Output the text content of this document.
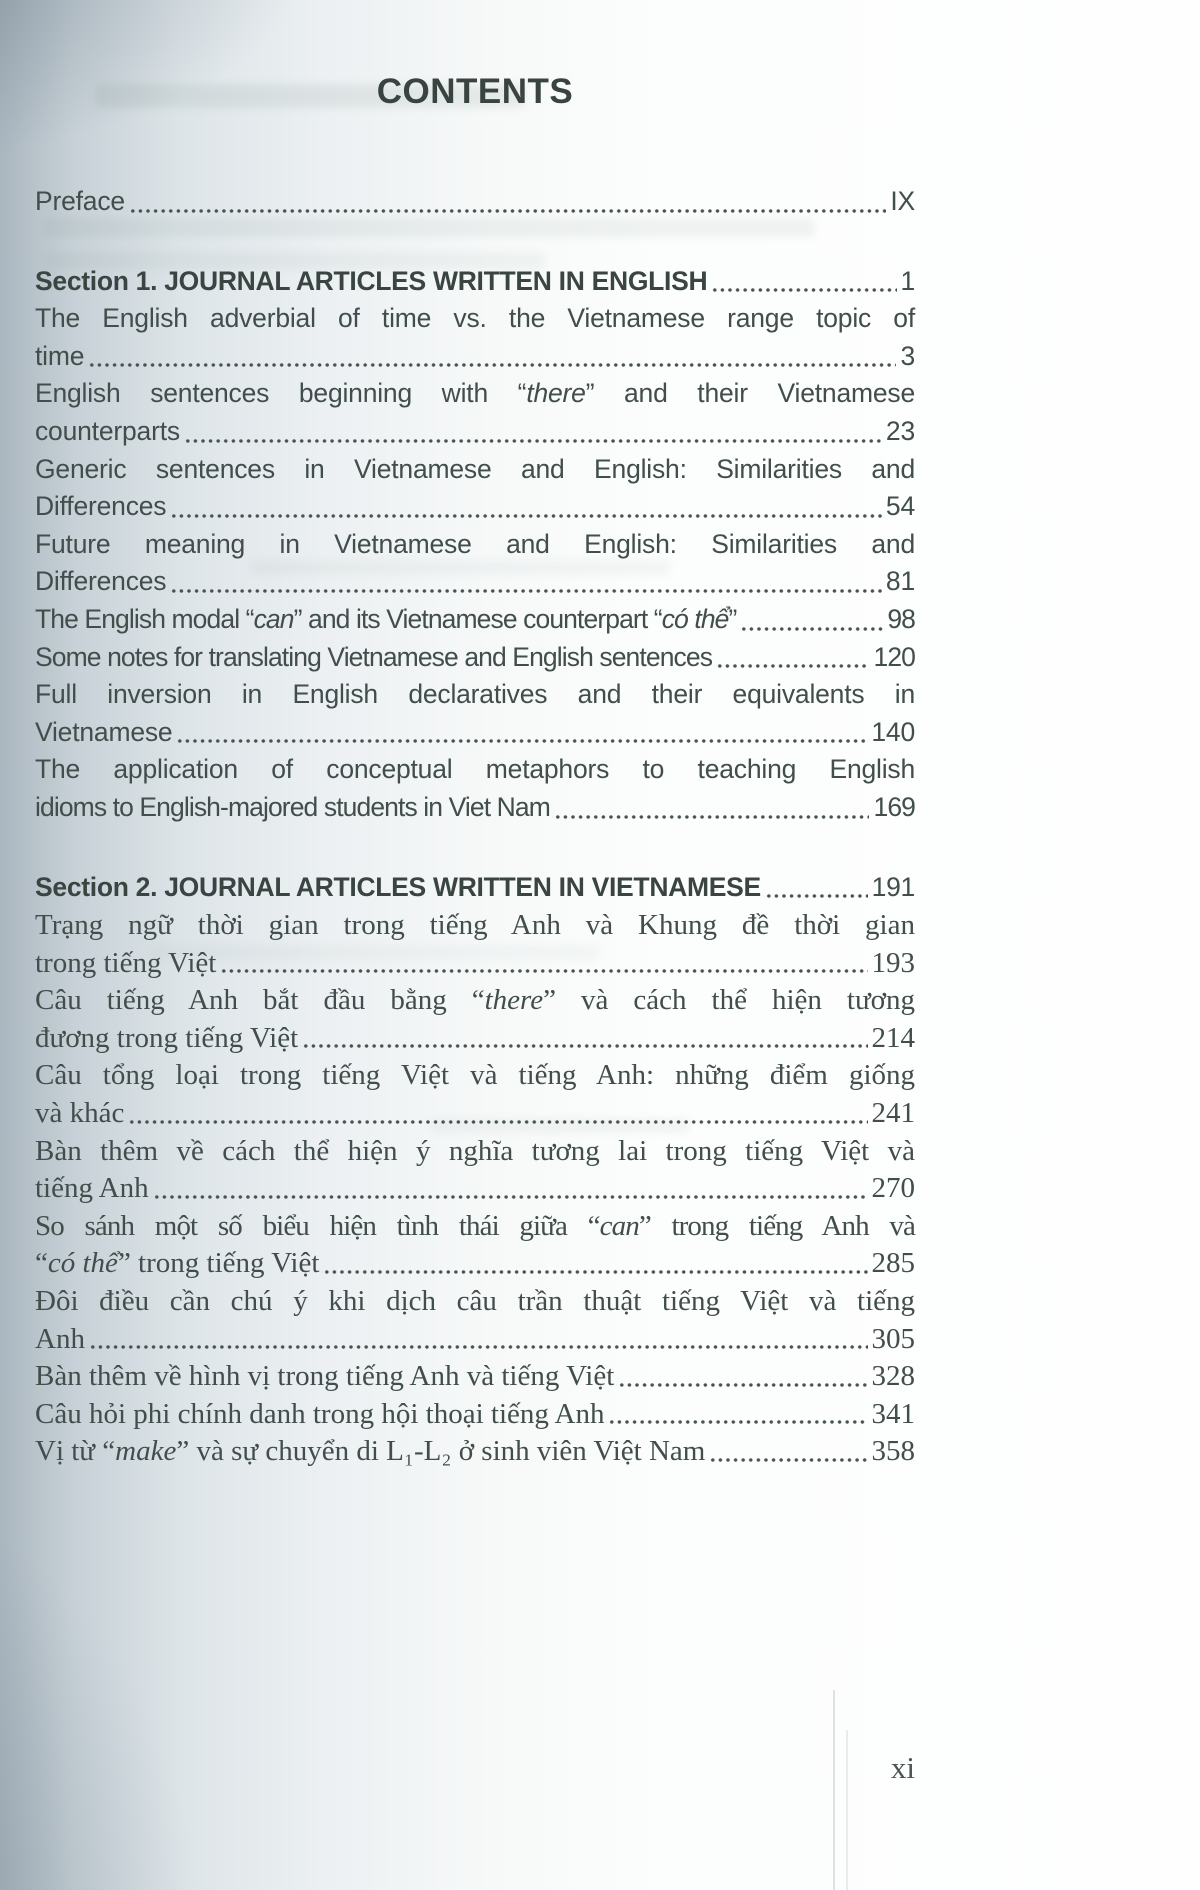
CONTENTS
Preface	IX
Section 1. JOURNAL ARTICLES WRITTEN IN ENGLISH	1
The English adverbial of time vs. the Vietnamese range topic of
time	3
English sentences beginning with “there” and their Vietnamese
counterparts	23
Generic sentences in Vietnamese and English: Similarities and
Differences	54
Future meaning in Vietnamese and English: Similarities and
Differences	81
The English modal “can” and its Vietnamese counterpart “có thể”	98
Some notes for translating Vietnamese and English sentences	120
Full inversion in English declaratives and their equivalents in
Vietnamese	140
The application of conceptual metaphors to teaching English
idioms to English-majored students in Viet Nam	169
Section 2. JOURNAL ARTICLES WRITTEN IN VIETNAMESE	191
Trạng ngữ thời gian trong tiếng Anh và Khung đề thời gian
trong tiếng Việt	193
Câu tiếng Anh bắt đầu bằng “there” và cách thể hiện tương
đương trong tiếng Việt	214
Câu tổng loại trong tiếng Việt và tiếng Anh: những điểm giống
và khác	241
Bàn thêm về cách thể hiện ý nghĩa tương lai trong tiếng Việt và
tiếng Anh	270
So sánh một số biểu hiện tình thái giữa “can” trong tiếng Anh và
“có thể” trong tiếng Việt	285
Đôi điều cần chú ý khi dịch câu trần thuật tiếng Việt và tiếng
Anh	305
Bàn thêm về hình vị trong tiếng Anh và tiếng Việt	328
Câu hỏi phi chính danh trong hội thoại tiếng Anh	341
Vị từ “make” và sự chuyển di L₁-L₂ ở sinh viên Việt Nam	358
xi
